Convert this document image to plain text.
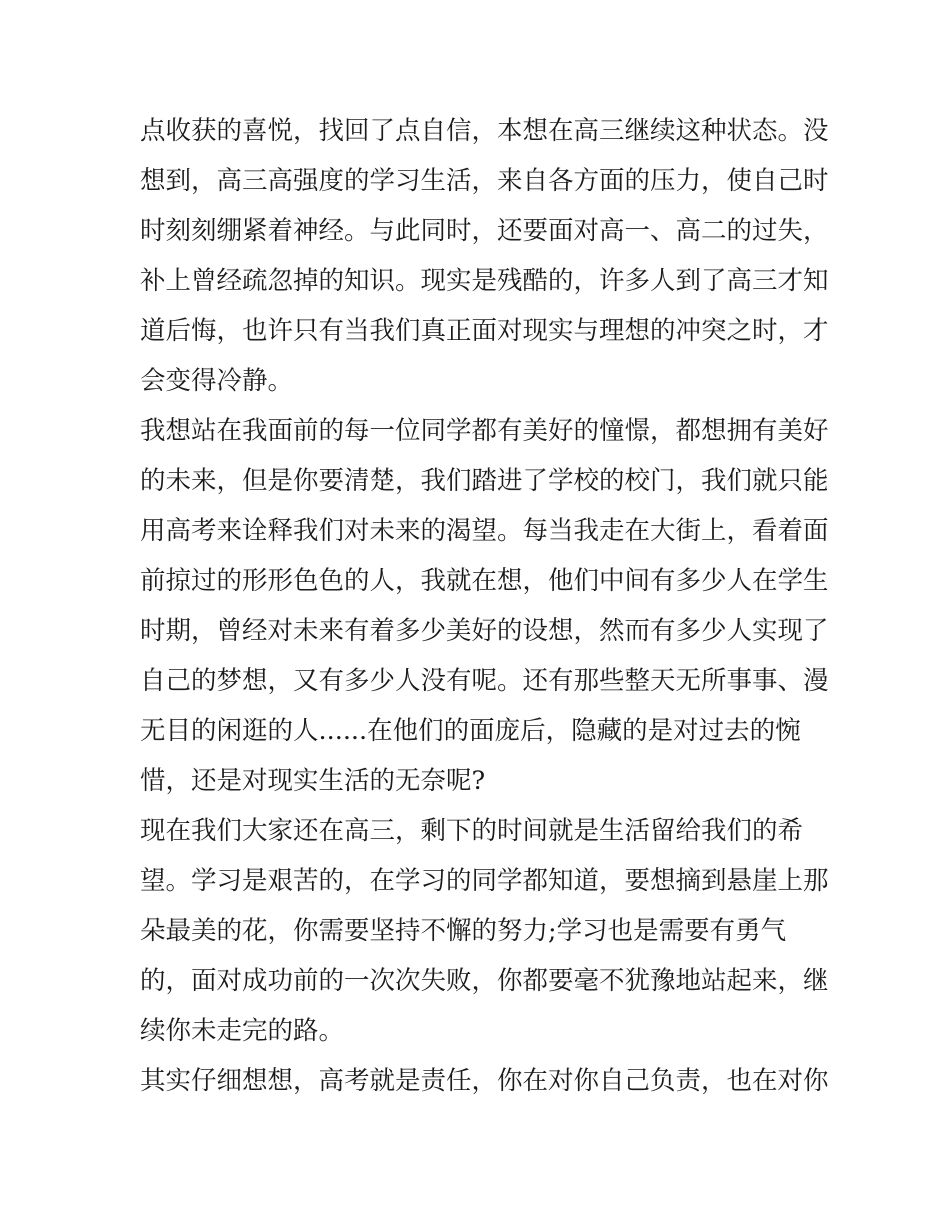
点收获的喜悦，找回了点自信，本想在高三继续这种状态。没
想到，高三高强度的学习生活，来自各方面的压力，使自己时
时刻刻绷紧着神经。与此同时，还要面对高一、高二的过失，
补上曾经疏忽掉的知识。现实是残酷的，许多人到了高三才知
道后悔，也许只有当我们真正面对现实与理想的冲突之时，才
会变得冷静。
我想站在我面前的每一位同学都有美好的憧憬，都想拥有美好
的未来，但是你要清楚，我们踏进了学校的校门，我们就只能
用高考来诠释我们对未来的渴望。每当我走在大街上，看着面
前掠过的形形色色的人，我就在想，他们中间有多少人在学生
时期，曾经对未来有着多少美好的设想，然而有多少人实现了
自己的梦想，又有多少人没有呢。还有那些整天无所事事、漫
无目的闲逛的人......在他们的面庞后，隐藏的是对过去的惋
惜，还是对现实生活的无奈呢?
现在我们大家还在高三，剩下的时间就是生活留给我们的希
望。学习是艰苦的，在学习的同学都知道，要想摘到悬崖上那
朵最美的花，你需要坚持不懈的努力;学习也是需要有勇气
的，面对成功前的一次次失败，你都要毫不犹豫地站起来，继
续你未走完的路。
其实仔细想想，高考就是责任，你在对你自己负责，也在对你
